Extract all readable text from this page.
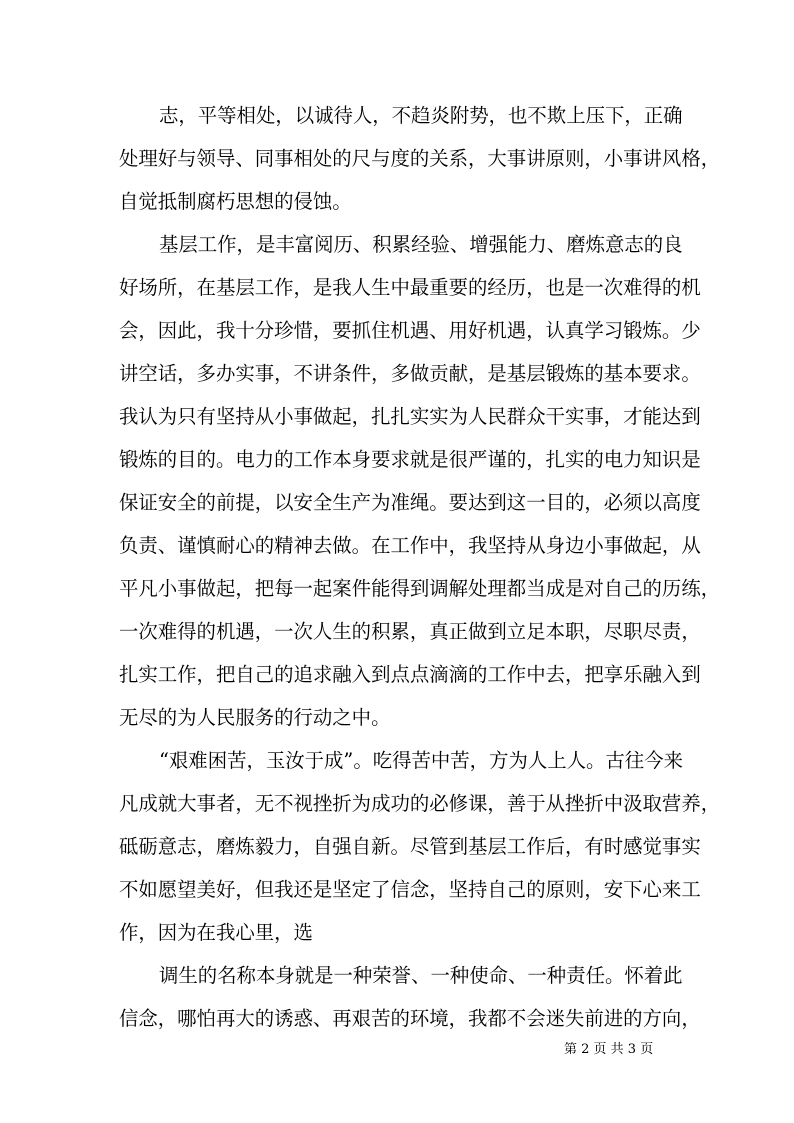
志，平等相处，以诚待人，不趋炎附势，也不欺上压下，正确
处理好与领导、同事相处的尺与度的关系，大事讲原则，小事讲风格，
自觉抵制腐朽思想的侵蚀。
基层工作，是丰富阅历、积累经验、增强能力、磨炼意志的良
好场所，在基层工作，是我人生中最重要的经历，也是一次难得的机
会，因此，我十分珍惜，要抓住机遇、用好机遇，认真学习锻炼。少
讲空话，多办实事，不讲条件，多做贡献，是基层锻炼的基本要求。
我认为只有坚持从小事做起，扎扎实实为人民群众干实事，才能达到
锻炼的目的。电力的工作本身要求就是很严谨的，扎实的电力知识是
保证安全的前提，以安全生产为准绳。要达到这一目的，必须以高度
负责、谨慎耐心的精神去做。在工作中，我坚持从身边小事做起，从
平凡小事做起，把每一起案件能得到调解处理都当成是对自己的历练，
一次难得的机遇，一次人生的积累，真正做到立足本职，尽职尽责，
扎实工作，把自己的追求融入到点点滴滴的工作中去，把享乐融入到
无尽的为人民服务的行动之中。
“艰难困苦，玉汝于成”。吃得苦中苦，方为人上人。古往今来
凡成就大事者，无不视挫折为成功的必修课，善于从挫折中汲取营养，
砥砺意志，磨炼毅力，自强自新。尽管到基层工作后，有时感觉事实
不如愿望美好，但我还是坚定了信念，坚持自己的原则，安下心来工
作，因为在我心里，选
调生的名称本身就是一种荣誉、一种使命、一种责任。怀着此
信念，哪怕再大的诱惑、再艰苦的环境，我都不会迷失前进的方向，
第 2 页 共 3 页
